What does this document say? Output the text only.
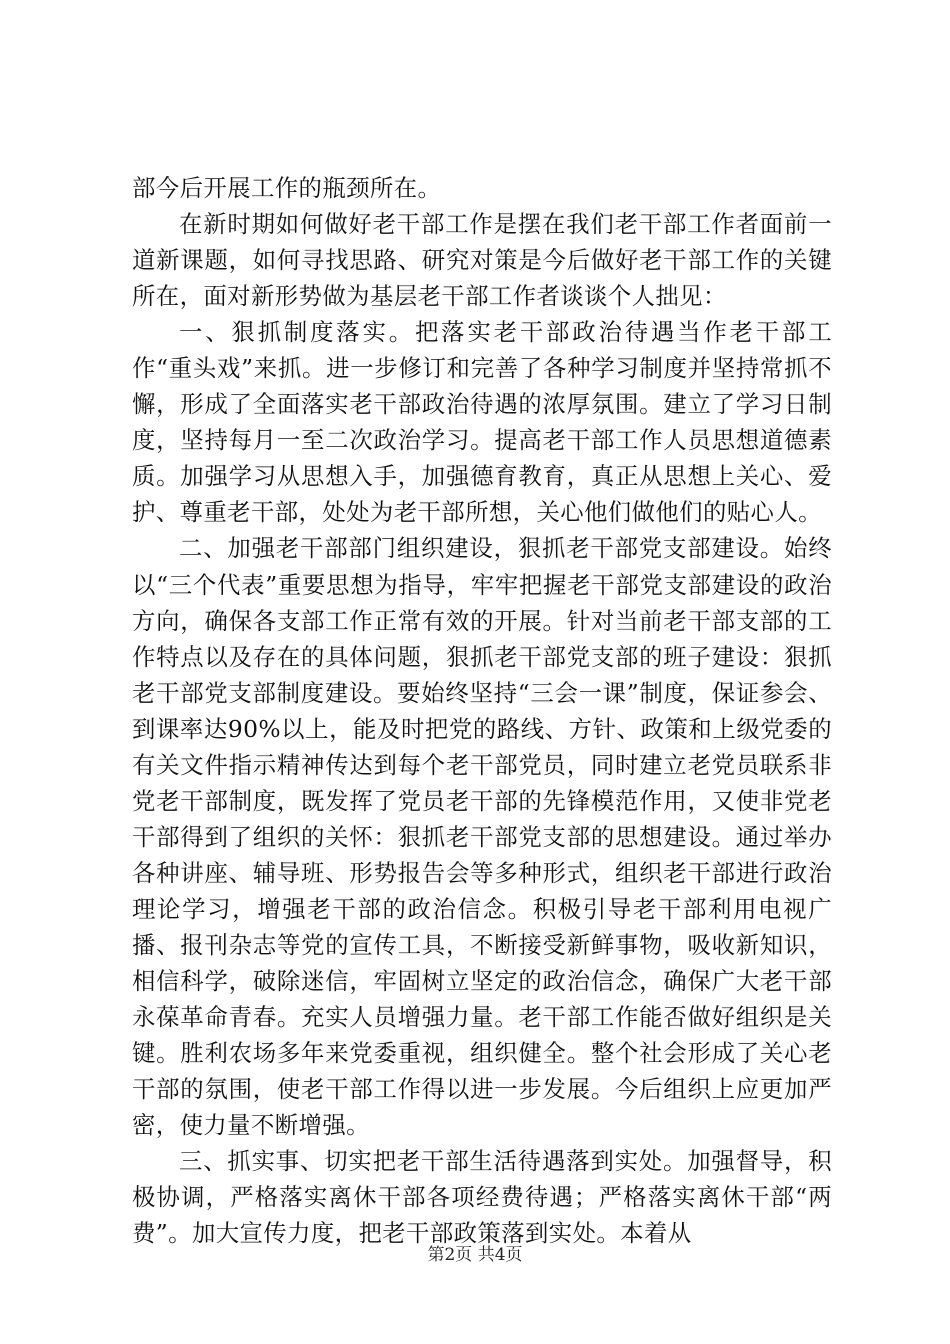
部今后开展工作的瓶颈所在。

在新时期如何做好老干部工作是摆在我们老干部工作者面前一道新课题，如何寻找思路、研究对策是今后做好老干部工作的关键所在，面对新形势做为基层老干部工作者谈谈个人拙见：

一、狠抓制度落实。把落实老干部政治待遇当作老干部工作“重头戏”来抓。进一步修订和完善了各种学习制度并坚持常抓不懈，形成了全面落实老干部政治待遇的浓厚氛围。建立了学习日制度，坚持每月一至二次政治学习。提高老干部工作人员思想道德素质。加强学习从思想入手，加强德育教育，真正从思想上关心、爱护、尊重老干部，处处为老干部所想，关心他们做他们的贴心人。

二、加强老干部部门组织建设，狠抓老干部党支部建设。始终以“三个代表”重要思想为指导，牢牢把握老干部党支部建设的政治方向，确保各支部工作正常有效的开展。针对当前老干部支部的工作特点以及存在的具体问题，狠抓老干部党支部的班子建设：狠抓老干部党支部制度建设。要始终坚持“三会一课”制度，保证参会、到课率达90%以上，能及时把党的路线、方针、政策和上级党委的有关文件指示精神传达到每个老干部党员，同时建立老党员联系非党老干部制度，既发挥了党员老干部的先锋模范作用，又使非党老干部得到了组织的关怀：狠抓老干部党支部的思想建设。通过举办各种讲座、辅导班、形势报告会等多种形式，组织老干部进行政治理论学习，增强老干部的政治信念。积极引导老干部利用电视广播、报刊杂志等党的宣传工具，不断接受新鲜事物，吸收新知识，相信科学，破除迷信，牢固树立坚定的政治信念，确保广大老干部永葆革命青春。充实人员增强力量。老干部工作能否做好组织是关键。胜利农场多年来党委重视，组织健全。整个社会形成了关心老干部的氛围，使老干部工作得以进一步发展。今后组织上应更加严密，使力量不断增强。

三、抓实事、切实把老干部生活待遇落到实处。加强督导，积极协调，严格落实离休干部各项经费待遇；严格落实离休干部“两费”。加大宣传力度，把老干部政策落到实处。本着从

第2页 共4页
